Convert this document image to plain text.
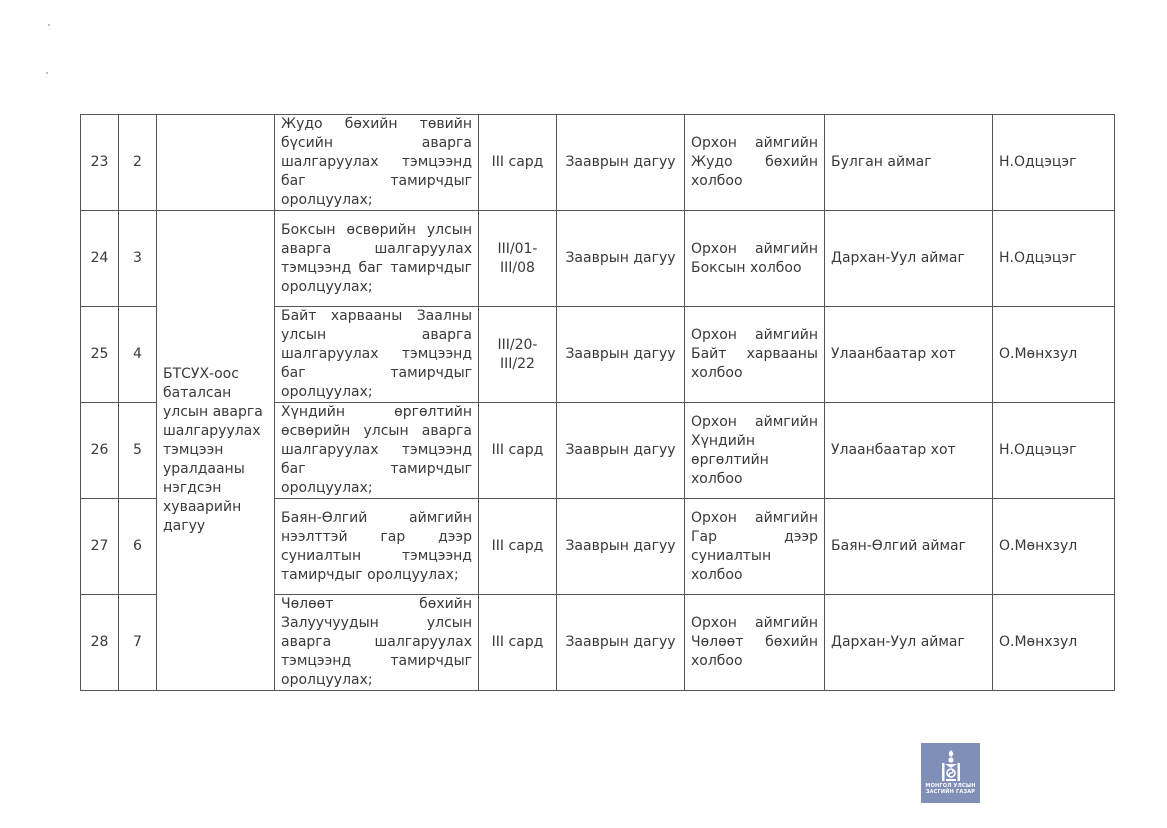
23	2		Жудо бөхийн төвийн бүсийн аварга шалгаруулах тэмцээнд баг тамирчдыг оролцуулах;	III сард	Зааврын дагуу	Орхон аймгийн Жудо бөхийн холбоо	Булган аймаг	Н.Одцэцэг
24	3	БТСУХ-оос баталсан улсын аварга шалгаруулах тэмцээн уралдааны нэгдсэн хуваарийн дагуу	Боксын өсвөрийн улсын аварга шалгаруулах тэмцээнд баг тамирчдыг оролцуулах;	III/01-III/08	Зааврын дагуу	Орхон аймгийн Боксын холбоо	Дархан-Уул аймаг	Н.Одцэцэг
25	4		Байт харвааны Заалны улсын аварга шалгаруулах тэмцээнд баг тамирчдыг оролцуулах;	III/20-III/22	Зааврын дагуу	Орхон аймгийн Байт харвааны холбоо	Улаанбаатар хот	О.Мөнхзул
26	5		Хүндийн өргөлтийн өсвөрийн улсын аварга шалгаруулах тэмцээнд баг тамирчдыг оролцуулах;	III сард	Зааврын дагуу	Орхон аймгийн Хүндийн өргөлтийн холбоо	Улаанбаатар хот	Н.Одцэцэг
27	6		Баян-Өлгий аймгийн нээлттэй гар дээр суниалтын тэмцээнд тамирчдыг оролцуулах;	III сард	Зааврын дагуу	Орхон аймгийн Гар дээр суниалтын холбоо	Баян-Өлгий аймаг	О.Мөнхзул
28	7		Чөлөөт бөхийн Залуучуудын улсын аварга шалгаруулах тэмцээнд тамирчдыг оролцуулах;	III сард	Зааврын дагуу	Орхон аймгийн Чөлөөт бөхийн холбоо	Дархан-Уул аймаг	О.Мөнхзул
МОНГОЛ УЛСЫН
ЗАСГИЙН ГАЗАР
